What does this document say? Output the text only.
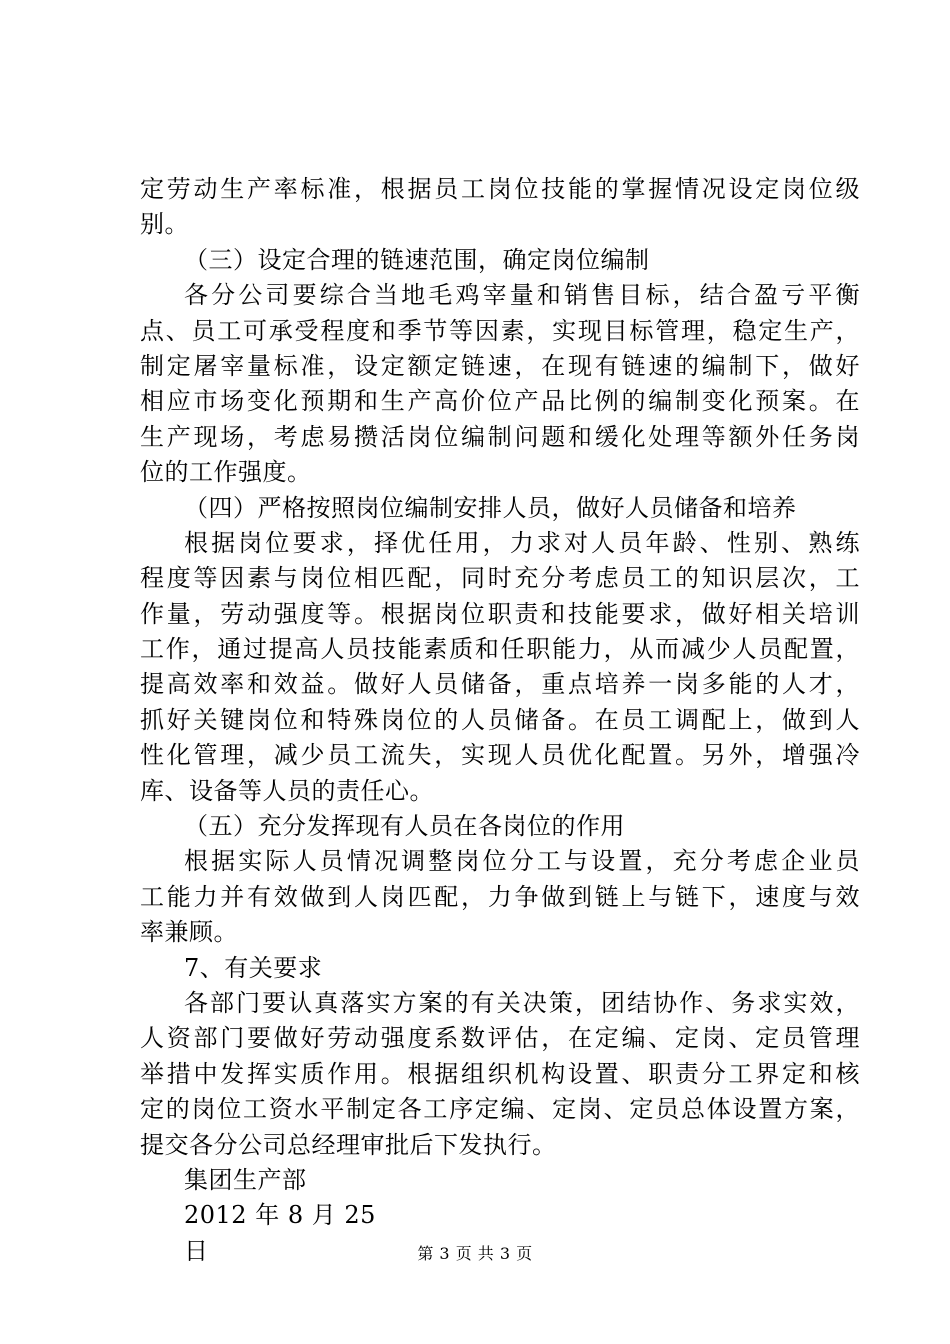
定劳动生产率标准，根据员工岗位技能的掌握情况设定岗位级
别。
（三）设定合理的链速范围，确定岗位编制
各分公司要综合当地毛鸡宰量和销售目标，结合盈亏平衡
点、员工可承受程度和季节等因素，实现目标管理，稳定生产，
制定屠宰量标准，设定额定链速，在现有链速的编制下，做好
相应市场变化预期和生产高价位产品比例的编制变化预案。在
生产现场，考虑易攒活岗位编制问题和缓化处理等额外任务岗
位的工作强度。
（四）严格按照岗位编制安排人员，做好人员储备和培养
根据岗位要求，择优任用，力求对人员年龄、性别、熟练
程度等因素与岗位相匹配，同时充分考虑员工的知识层次，工
作量，劳动强度等。根据岗位职责和技能要求，做好相关培训
工作，通过提高人员技能素质和任职能力，从而减少人员配置，
提高效率和效益。做好人员储备，重点培养一岗多能的人才，
抓好关键岗位和特殊岗位的人员储备。在员工调配上，做到人
性化管理，减少员工流失，实现人员优化配置。另外，增强冷
库、设备等人员的责任心。
（五）充分发挥现有人员在各岗位的作用
根据实际人员情况调整岗位分工与设置，充分考虑企业员
工能力并有效做到人岗匹配，力争做到链上与链下，速度与效
率兼顾。
7、有关要求
各部门要认真落实方案的有关决策，团结协作、务求实效，
人资部门要做好劳动强度系数评估，在定编、定岗、定员管理
举措中发挥实质作用。根据组织机构设置、职责分工界定和核
定的岗位工资水平制定各工序定编、定岗、定员总体设置方案，
提交各分公司总经理审批后下发执行。
集团生产部
2012 年 8 月 25
日	第 3 页 共 3 页
